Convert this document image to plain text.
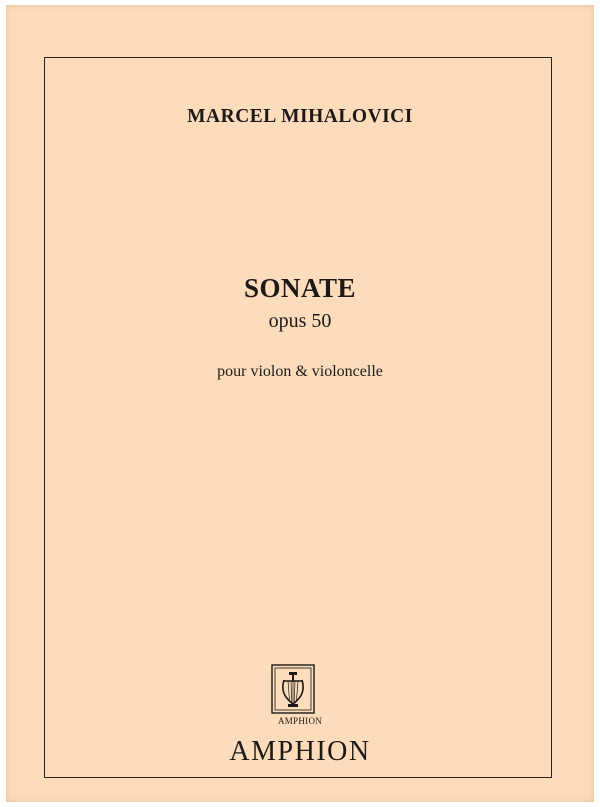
MARCEL MIHALOVICI
SONATE
opus 50
pour violon & violoncelle
AMPHION
AMPHION
